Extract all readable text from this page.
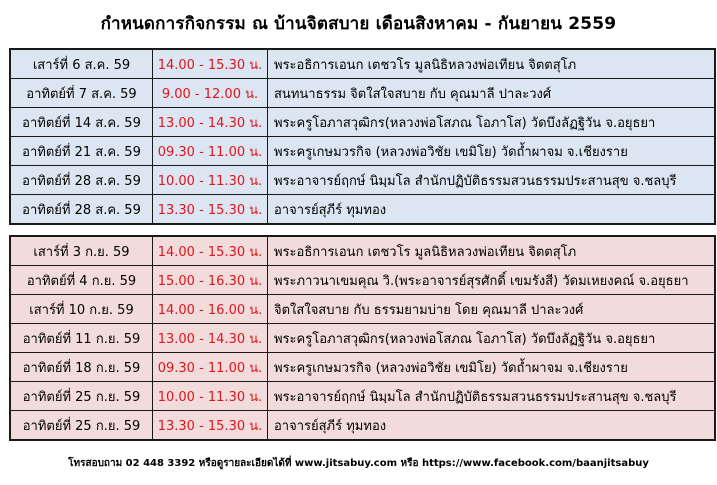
กำหนดการกิจกรรม ณ บ้านจิตสบาย เดือนสิงหาคม - กันยายน 2559
เสาร์ที่ 6 ส.ค. 59	14.00 - 15.30 น.	พระอธิการเอนก เตชวโร มูลนิธิหลวงพ่อเทียน จิตตสุโภ
อาทิตย์ที่ 7 ส.ค. 59	9.00 - 12.00 น.	สนทนาธรรม จิตใสใจสบาย กับ คุณมาลี ปาละวงศ์
อาทิตย์ที่ 14 ส.ค. 59	13.00 - 14.30 น.	พระครูโอภาสวุฒิกร(หลวงพ่อโสภณ โอภาโส) วัดบึงลัฏฐิวัน จ.อยุธยา
อาทิตย์ที่ 21 ส.ค. 59	09.30 - 11.00 น.	พระครูเกษมวรกิจ (หลวงพ่อวิชัย เขมิโย) วัดถ้ำผาจม จ.เชียงราย
อาทิตย์ที่ 28 ส.ค. 59	10.00 - 11.30 น.	พระอาจารย์ฤกษ์ นิมฺมโล สำนักปฏิบัติธรรมสวนธรรมประสานสุข จ.ชลบุรี
อาทิตย์ที่ 28 ส.ค. 59	13.30 - 15.30 น.	อาจารย์สุภีร์ ทุมทอง
เสาร์ที่ 3 ก.ย. 59	14.00 - 15.30 น.	พระอธิการเอนก เตชวโร มูลนิธิหลวงพ่อเทียน จิตตสุโภ
อาทิตย์ที่ 4 ก.ย. 59	15.00 - 16.30 น.	พระภาวนาเขมคุณ วิ.(พระอาจารย์สุรศักดิ์ เขมรังสี) วัดมเหยงคณ์ จ.อยุธยา
เสาร์ที่ 10 ก.ย. 59	14.00 - 16.00 น.	จิตใสใจสบาย กับ ธรรมยามบ่าย โดย คุณมาลี ปาละวงศ์
อาทิตย์ที่ 11 ก.ย. 59	13.00 - 14.30 น.	พระครูโอภาสวุฒิกร(หลวงพ่อโสภณ โอภาโส) วัดบึงลัฏฐิวัน จ.อยุธยา
อาทิตย์ที่ 18 ก.ย. 59	09.30 - 11.00 น.	พระครูเกษมวรกิจ (หลวงพ่อวิชัย เขมิโย) วัดถ้ำผาจม จ.เชียงราย
อาทิตย์ที่ 25 ก.ย. 59	10.00 - 11.30 น.	พระอาจารย์ฤกษ์ นิมฺมโล สำนักปฏิบัติธรรมสวนธรรมประสานสุข จ.ชลบุรี
อาทิตย์ที่ 25 ก.ย. 59	13.30 - 15.30 น.	อาจารย์สุภีร์ ทุมทอง
โทรสอบถาม 02 448 3392 หรือดูรายละเอียดได้ที่ www.jitsabuy.com หรือ https://www.facebook.com/baanjitsabuy
